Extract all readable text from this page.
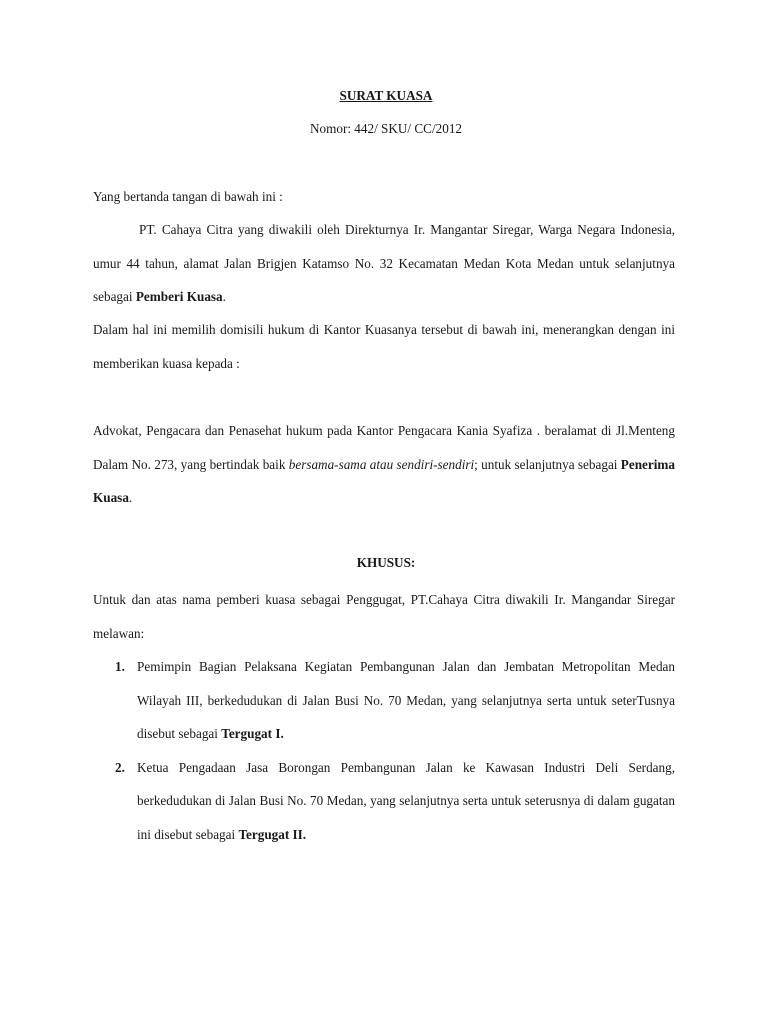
SURAT KUASA
Nomor: 442/ SKU/ CC/2012
Yang bertanda tangan di bawah ini :
PT. Cahaya Citra yang diwakili oleh Direkturnya Ir. Mangantar Siregar, Warga Negara Indonesia, umur 44 tahun, alamat Jalan Brigjen Katamso No. 32 Kecamatan Medan Kota Medan untuk selanjutnya sebagai Pemberi Kuasa.
Dalam hal ini memilih domisili hukum di Kantor Kuasanya tersebut di bawah ini, menerangkan dengan ini memberikan kuasa kepada :
Advokat, Pengacara dan Penasehat hukum pada Kantor Pengacara Kania Syafiza . beralamat di Jl.Menteng Dalam No. 273, yang bertindak baik bersama-sama atau sendiri-sendiri; untuk selanjutnya sebagai Penerima Kuasa.
KHUSUS:
Untuk dan atas nama pemberi kuasa sebagai Penggugat, PT.Cahaya Citra diwakili Ir. Mangandar Siregar melawan:
1. Pemimpin Bagian Pelaksana Kegiatan Pembangunan Jalan dan Jembatan Metropolitan Medan Wilayah III, berkedudukan di Jalan Busi No. 70 Medan, yang selanjutnya serta untuk seterTusnya disebut sebagai Tergugat I.
2. Ketua Pengadaan Jasa Borongan Pembangunan Jalan ke Kawasan Industri Deli Serdang, berkedudukan di Jalan Busi No. 70 Medan, yang selanjutnya serta untuk seterusnya di dalam gugatan ini disebut sebagai Tergugat II.
